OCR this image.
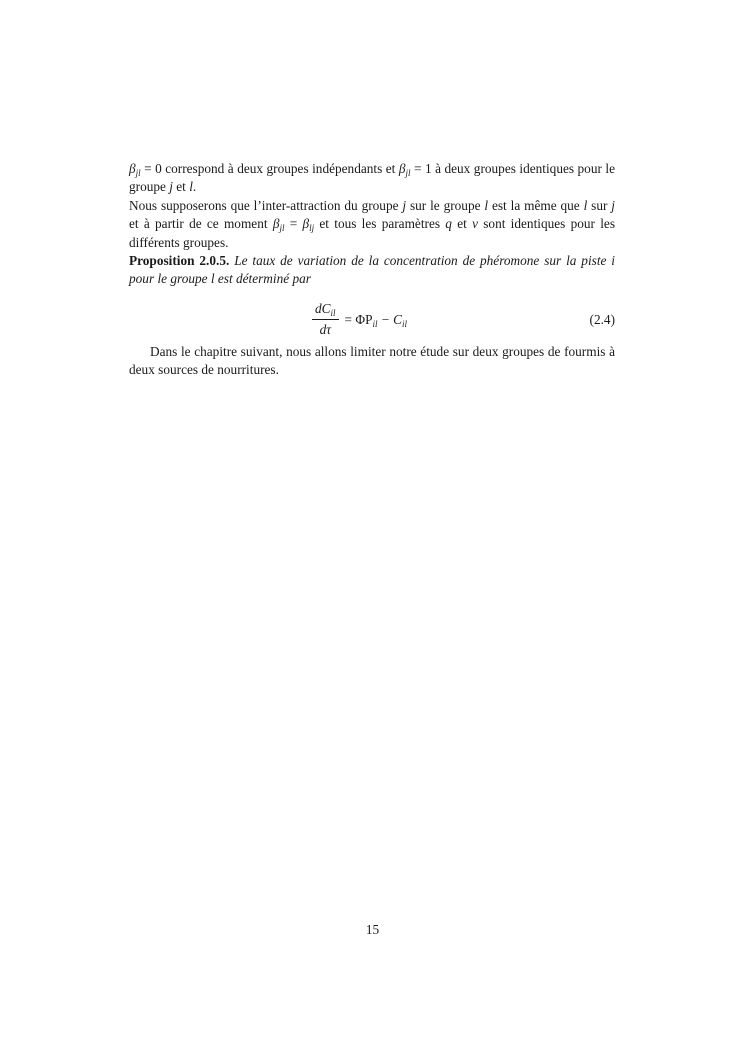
$\beta_{jl} = 0$ correspond à deux groupes indépendants et $\beta_{jl} = 1$ à deux groupes identiques pour le groupe j et l.

Nous supposerons que l’inter-attraction du groupe j sur le groupe l est la même que l sur j et à partir de ce moment $\beta_{jl} = \beta_{lj}$ et tous les paramètres q et ν sont identiques pour les différents groupes.

Proposition 2.0.5. Le taux de variation de la concentration de phéromone sur la piste i pour le groupe l est déterminé par

$\frac{dC_{il}}{d\tau} = \Phi P_{il} - C_{il}$	(2.4)

Dans le chapitre suivant, nous allons limiter notre étude sur deux groupes de fourmis à deux sources de nourritures.

15
